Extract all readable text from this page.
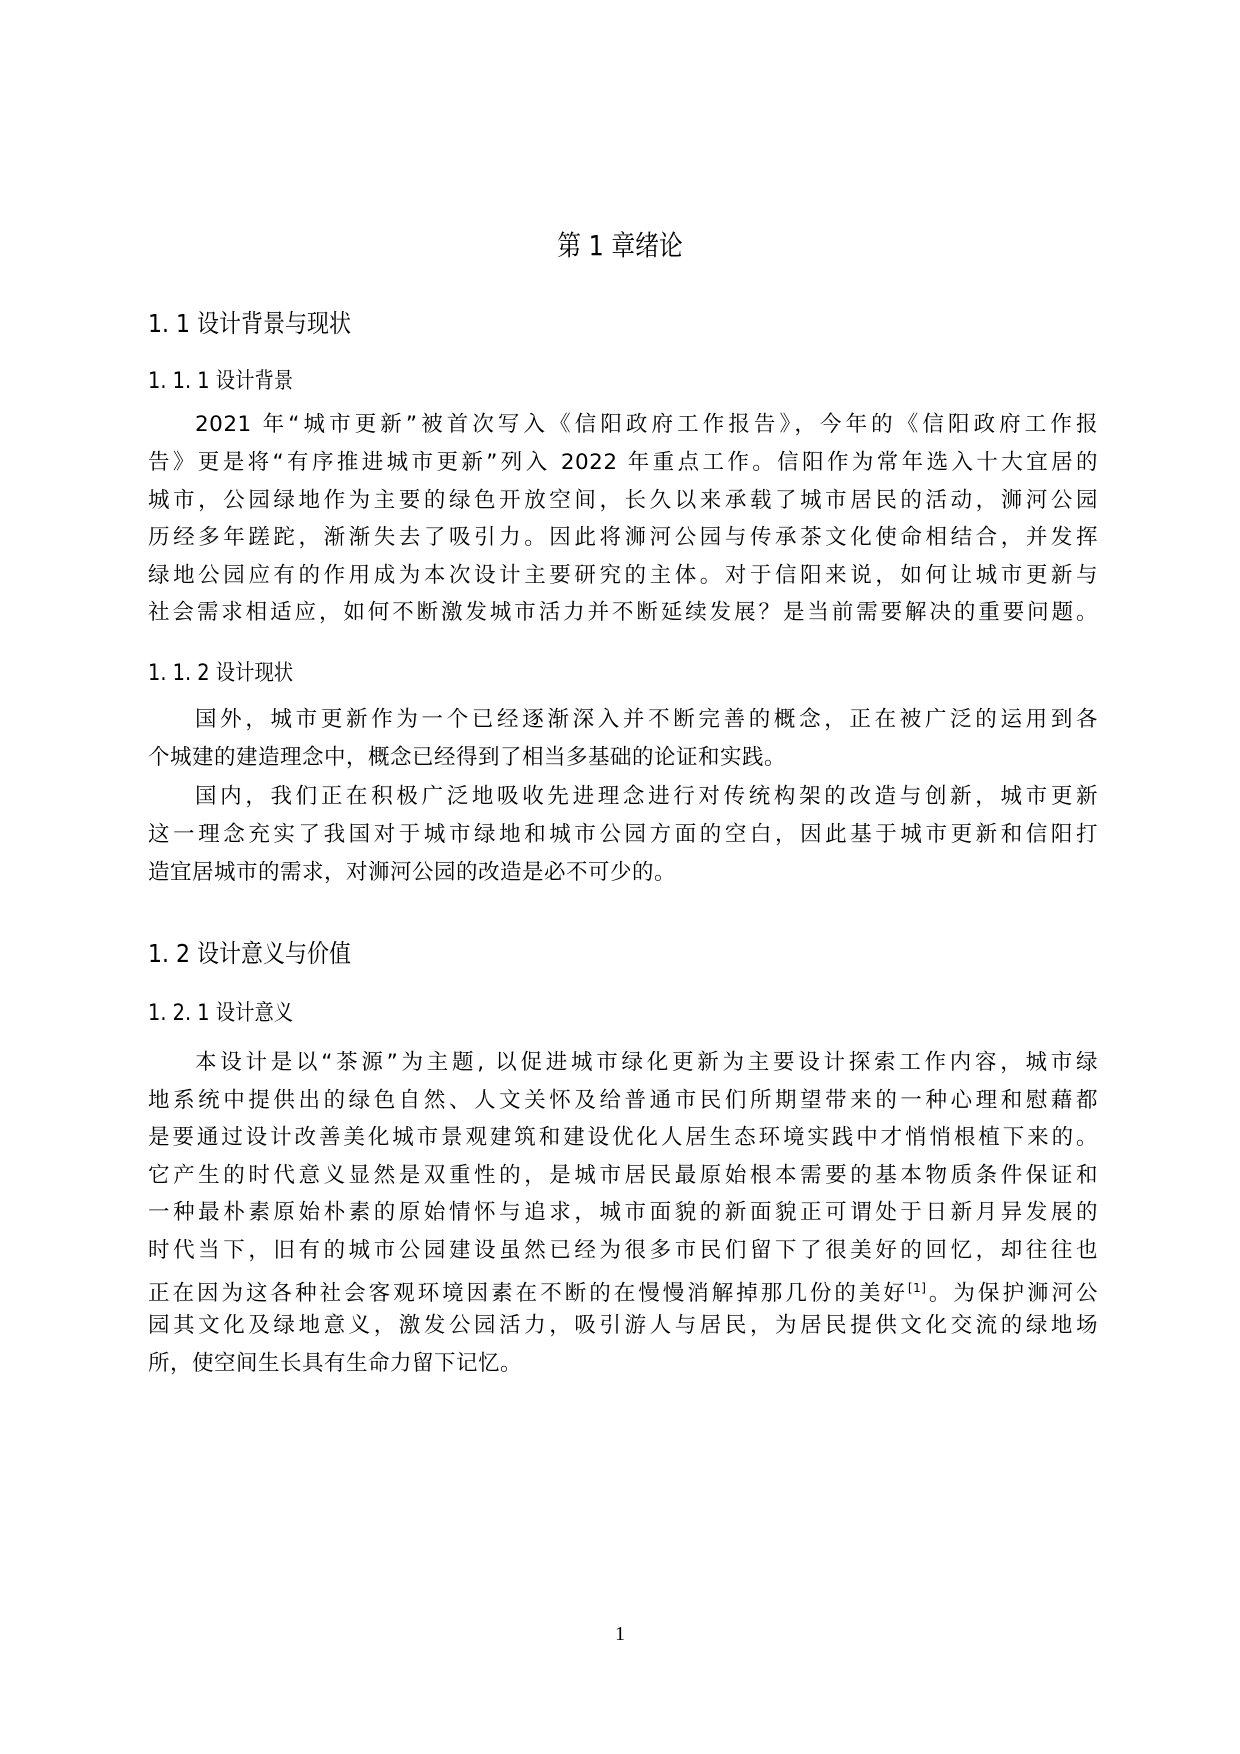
第 1 章绪论
1. 1 设计背景与现状
1. 1. 1 设计背景
2021 年“城市更新”被首次写入《信阳政府工作报告》，今年的《信阳政府工作报
告》更是将“有序推进城市更新”列入 2022 年重点工作。信阳作为常年选入十大宜居的
城市，公园绿地作为主要的绿色开放空间，长久以来承载了城市居民的活动，浉河公园
历经多年蹉跎，渐渐失去了吸引力。因此将浉河公园与传承茶文化使命相结合，并发挥
绿地公园应有的作用成为本次设计主要研究的主体。对于信阳来说，如何让城市更新与
社会需求相适应，如何不断激发城市活力并不断延续发展？是当前需要解决的重要问题。
1. 1. 2 设计现状
国外，城市更新作为一个已经逐渐深入并不断完善的概念，正在被广泛的运用到各
个城建的建造理念中，概念已经得到了相当多基础的论证和实践。
国内，我们正在积极广泛地吸收先进理念进行对传统构架的改造与创新，城市更新
这一理念充实了我国对于城市绿地和城市公园方面的空白，因此基于城市更新和信阳打
造宜居城市的需求，对浉河公园的改造是必不可少的。
1. 2 设计意义与价值
1. 2. 1 设计意义
本设计是以“茶源”为主题, 以促进城市绿化更新为主要设计探索工作内容，城市绿
地系统中提供出的绿色自然、人文关怀及给普通市民们所期望带来的一种心理和慰藉都
是要通过设计改善美化城市景观建筑和建设优化人居生态环境实践中才悄悄根植下来的。
它产生的时代意义显然是双重性的，是城市居民最原始根本需要的基本物质条件保证和
一种最朴素原始朴素的原始情怀与追求，城市面貌的新面貌正可谓处于日新月异发展的
时代当下，旧有的城市公园建设虽然已经为很多市民们留下了很美好的回忆，却往往也
正在因为这各种社会客观环境因素在不断的在慢慢消解掉那几份的美好[1]。为保护浉河公
园其文化及绿地意义，激发公园活力，吸引游人与居民，为居民提供文化交流的绿地场
所，使空间生长具有生命力留下记忆。
1
